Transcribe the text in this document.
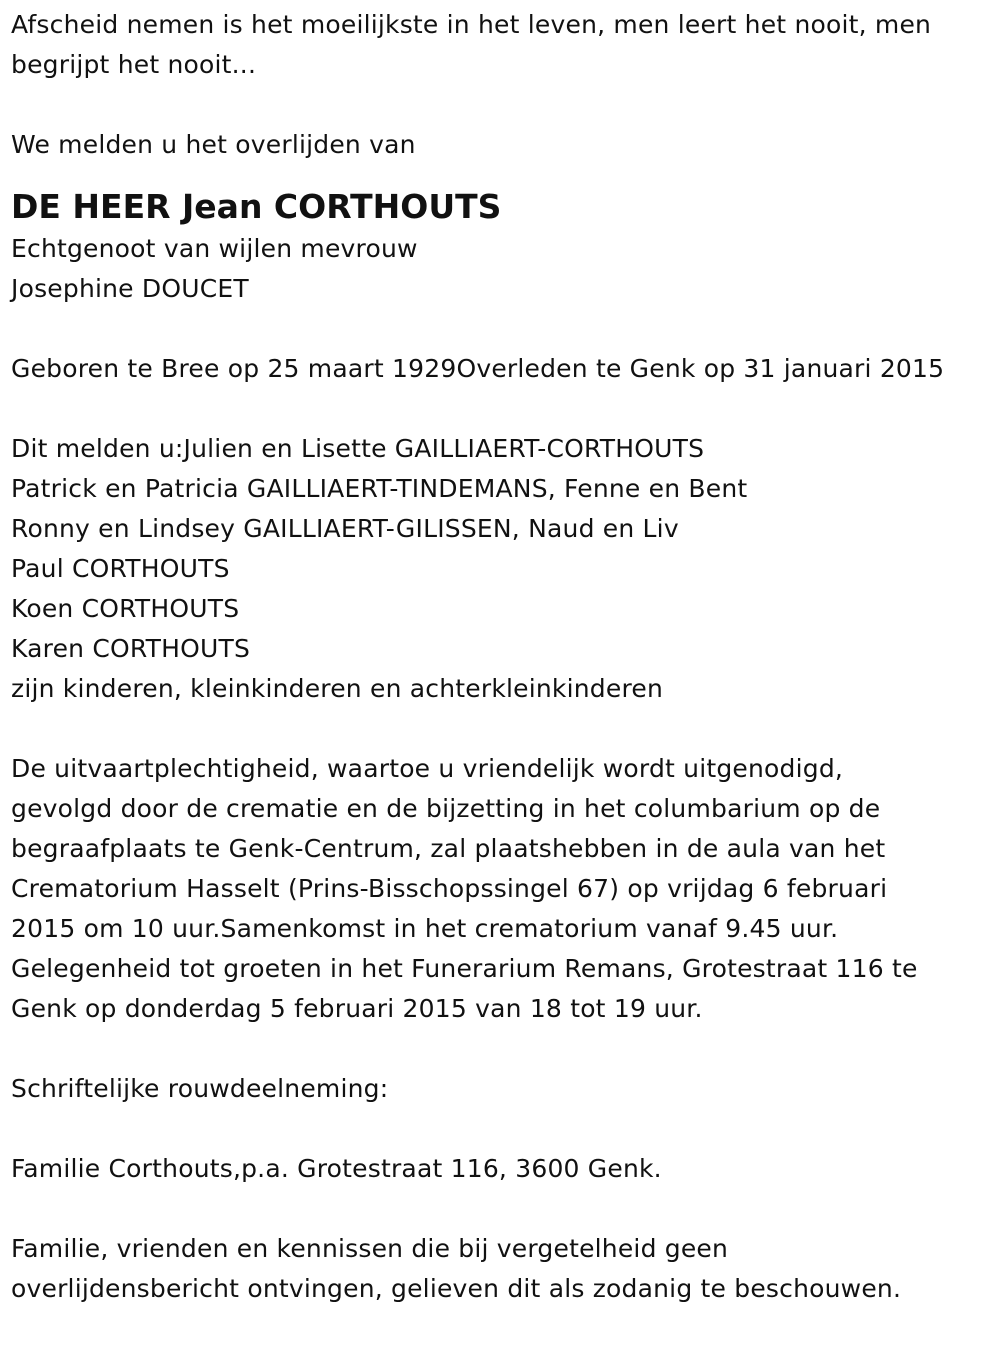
Afscheid nemen is het moeilijkste in het leven, men leert het nooit, men
begrijpt het nooit...
We melden u het overlijden van
DE HEER Jean CORTHOUTS
Echtgenoot van wijlen mevrouw
Josephine DOUCET
Geboren te Bree op 25 maart 1929Overleden te Genk op 31 januari 2015
Dit melden u:Julien en Lisette GAILLIAERT-CORTHOUTS
Patrick en Patricia GAILLIAERT-TINDEMANS, Fenne en Bent
Ronny en Lindsey GAILLIAERT-GILISSEN, Naud en Liv
Paul CORTHOUTS
Koen CORTHOUTS
Karen CORTHOUTS
zijn kinderen, kleinkinderen en achterkleinkinderen
De uitvaartplechtigheid, waartoe u vriendelijk wordt uitgenodigd,
gevolgd door de crematie en de bijzetting in het columbarium op de
begraafplaats te Genk-Centrum, zal plaatshebben in de aula van het
Crematorium Hasselt (Prins-Bisschopssingel 67) op vrijdag 6 februari
2015 om 10 uur.Samenkomst in het crematorium vanaf 9.45 uur.
Gelegenheid tot groeten in het Funerarium Remans, Grotestraat 116 te
Genk op donderdag 5 februari 2015 van 18 tot 19 uur.
Schriftelijke rouwdeelneming:
Familie Corthouts,p.a. Grotestraat 116, 3600 Genk.
Familie, vrienden en kennissen die bij vergetelheid geen
overlijdensbericht ontvingen, gelieven dit als zodanig te beschouwen.
